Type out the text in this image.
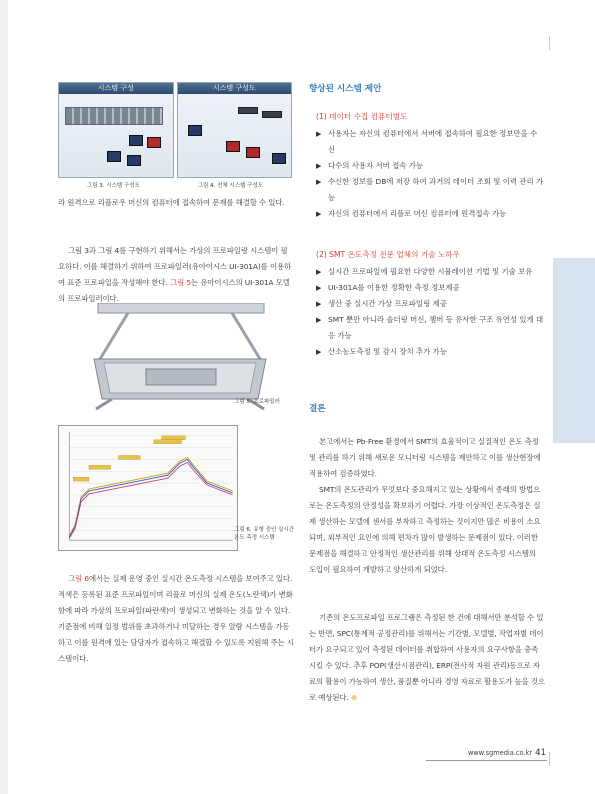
시스템 구성	시스템 구성도
그림 3. 시스템 구성도	그림 4. 전체 시스템 구성도

라 원격으로 리플로우 머신의 컴퓨터에 접속하여 문제를 해결할 수 있다.

그림 3과 그림 4를 구현하기 위해서는 가상의 프로파일링 시스템이 필요하다. 이를 해결하기 위하여 프로파일러(유아이시스 UI-301A)를 이용하여 표준 프로파일을 작성해야 한다. 그림 5는 유아이시스의 UI-301A 모델의 프로파일러이다.

그림 5. 프로파일러
그림 6. 유형 중인 실시간 온도 측정 시스템

그림 6에서는 실제 운영 중인 실시간 온도측정 시스템을 보여주고 있다. 적색은 등록된 표준 프로파일이며 리플로 머신의 실제 온도(노란색)가 변화함에 따라 가상의 프로파일(파란색)이 생성되고 변화하는 것을 알 수 있다. 기준점에 비해 일정 범위를 초과하거나 미달하는 경우 알람 시스템을 가동하고 이를 원격에 있는 담당자가 접속하고 해결할 수 있도록 지원해 주는 시스템이다.

향상된 시스템 제안
(1) 데이터 수집 컴퓨터별도
▶ 사용자는 자신의 컴퓨터에서 서버에 접속하여 필요한 정보만을 수신
▶ 다수의 사용자 서버 접속 가능
▶ 수신한 정보를 DB에 저장 하여 과거의 데이터 조회 및 이력 관리 가능
▶ 자신의 컴퓨터에서 리플로 머신 컴퓨터에 원격접속 가능
(2) SMT 온도측정 전문 업체의 기술 노하우
▶ 실시간 프로파일에 필요한 다양한 시뮬레이션 기법 및 기술 보유
▶ UI-301A를 이용한 정확한 측정 정보제공
▶ 생산 중 실시간 가상 프로파일링 제공
▶ SMT 뿐만 아니라 솔더링 머신, 챔버 등 유사한 구조 유연성 있게 대응 가능
▶ 산소농도측정 및 감시 장치 추가 가능
결론

본고에서는 Pb-Free 환경에서 SMT의 효율적이고 실질적인 온도 측정 및 관리를 하기 위해 새로운 모니터링 시스템을 제안하고 이를 생산현장에 적용하여 검증하였다.

SMT의 온도관리가 무엇보다 중요해지고 있는 상황에서 종래의 방법으로는 온도측정의 안정성을 확보하기 어렵다. 가장 이상적인 온도측정은 실제 생산하는 모델에 센서를 부착하고 측정하는 것이지만 많은 비용이 소요되며, 외부적인 요인에 의해 편차가 많이 발생하는 문제점이 있다. 이러한 문제점을 해결하고 안정적인 생산관리를 위해 상대적 온도측정 시스템의 도입이 필요하여 개발하고 양산하게 되었다.

기존의 온도프로파일 프로그램은 측정된 한 건에 대해서만 분석할 수 있는 반면, SPC(통계적 공정관리)를 위해서는 기간별, 모델별, 작업자별 데이터가 요구되고 있어 측정된 데이터를 취합하여 사용자의 요구사항을 충족시킬 수 있다. 추후 POP(생산시점관리), ERP(전사적 자원 관리)등으로 자료의 활용이 가능하여 생산, 품질뿐 아니라 경영 자료로 활용도가 높을 것으로 예상된다. ⊕

www.sgmedia.co.kr 41
